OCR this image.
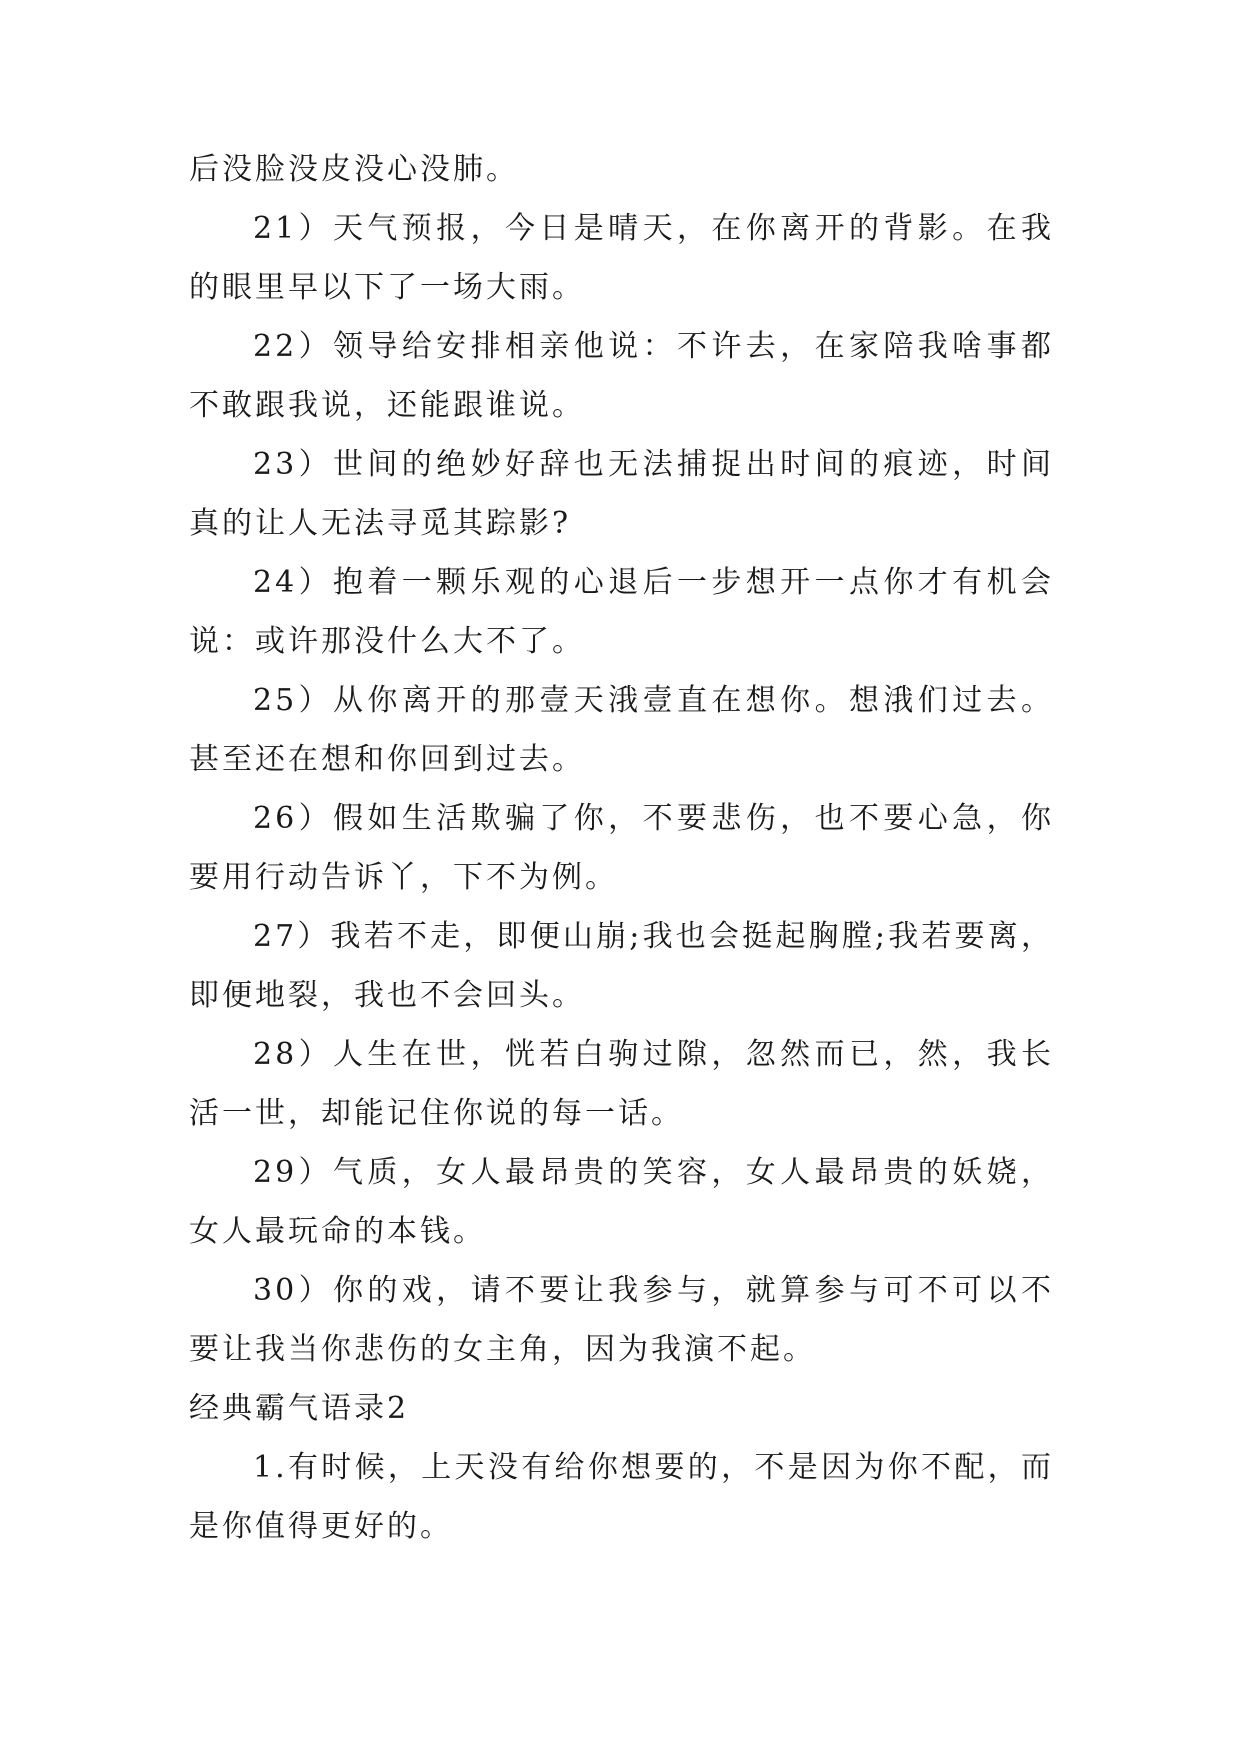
后没脸没皮没心没肺。

21）天气预报，今日是晴天，在你离开的背影。在我的眼里早以下了一场大雨。

22）领导给安排相亲他说：不许去，在家陪我啥事都不敢跟我说，还能跟谁说。

23）世间的绝妙好辞也无法捕捉出时间的痕迹，时间真的让人无法寻觅其踪影?

24）抱着一颗乐观的心退后一步想开一点你才有机会说：或许那没什么大不了。

25）从你离开的那壹天涐壹直在想你。想涐们过去。甚至还在想和你回到过去。

26）假如生活欺骗了你，不要悲伤，也不要心急，你要用行动告诉丫，下不为例。

27）我若不走，即便山崩;我也会挺起胸膛;我若要离，即便地裂，我也不会回头。

28）人生在世，恍若白驹过隙，忽然而已，然，我长活一世，却能记住你说的每一话。

29）气质，女人最昂贵的笑容，女人最昂贵的妖娆，女人最玩命的本钱。

30）你的戏，请不要让我参与，就算参与可不可以不要让我当你悲伤的女主角，因为我演不起。

经典霸气语录2

1.有时候，上天没有给你想要的，不是因为你不配，而是你值得更好的。
